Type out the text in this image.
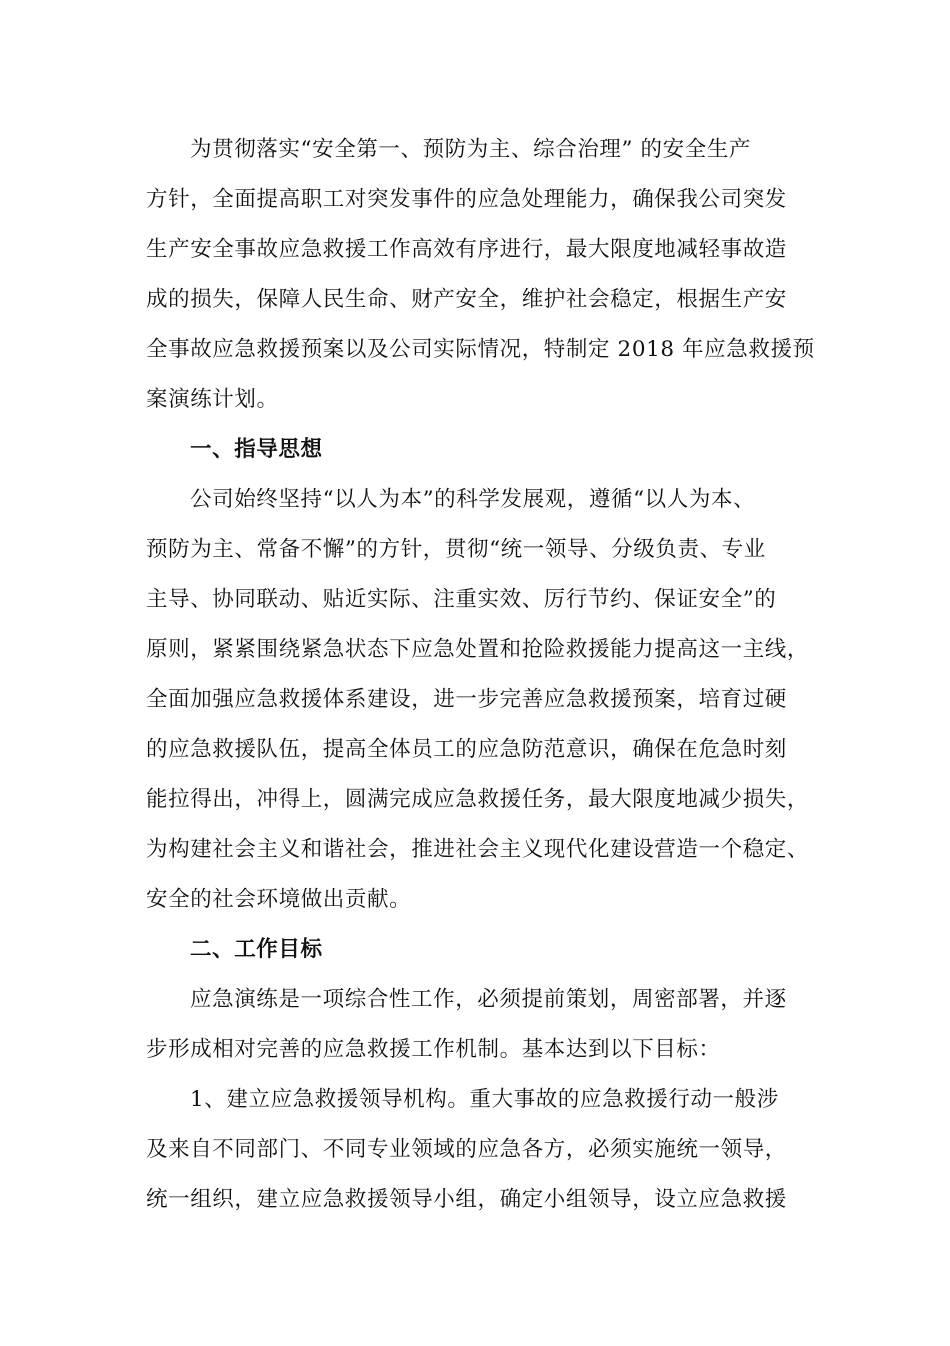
为贯彻落实“安全第一、预防为主、综合治理” 的安全生产
方针，全面提高职工对突发事件的应急处理能力，确保我公司突发
生产安全事故应急救援工作高效有序进行，最大限度地减轻事故造
成的损失，保障人民生命、财产安全，维护社会稳定，根据生产安
全事故应急救援预案以及公司实际情况，特制定 2018 年应急救援预
案演练计划。
一、指导思想
公司始终坚持“以人为本”的科学发展观，遵循“以人为本、
预防为主、常备不懈”的方针，贯彻“统一领导、分级负责、专业
主导、协同联动、贴近实际、注重实效、厉行节约、保证安全”的
原则，紧紧围绕紧急状态下应急处置和抢险救援能力提高这一主线，
全面加强应急救援体系建设，进一步完善应急救援预案，培育过硬
的应急救援队伍，提高全体员工的应急防范意识，确保在危急时刻
能拉得出，冲得上，圆满完成应急救援任务，最大限度地减少损失，
为构建社会主义和谐社会，推进社会主义现代化建设营造一个稳定、
安全的社会环境做出贡献。
二、工作目标
应急演练是一项综合性工作，必须提前策划，周密部署，并逐
步形成相对完善的应急救援工作机制。基本达到以下目标：
1、建立应急救援领导机构。重大事故的应急救援行动一般涉
及来自不同部门、不同专业领域的应急各方，必须实施统一领导，
统一组织，建立应急救援领导小组，确定小组领导，设立应急救援
